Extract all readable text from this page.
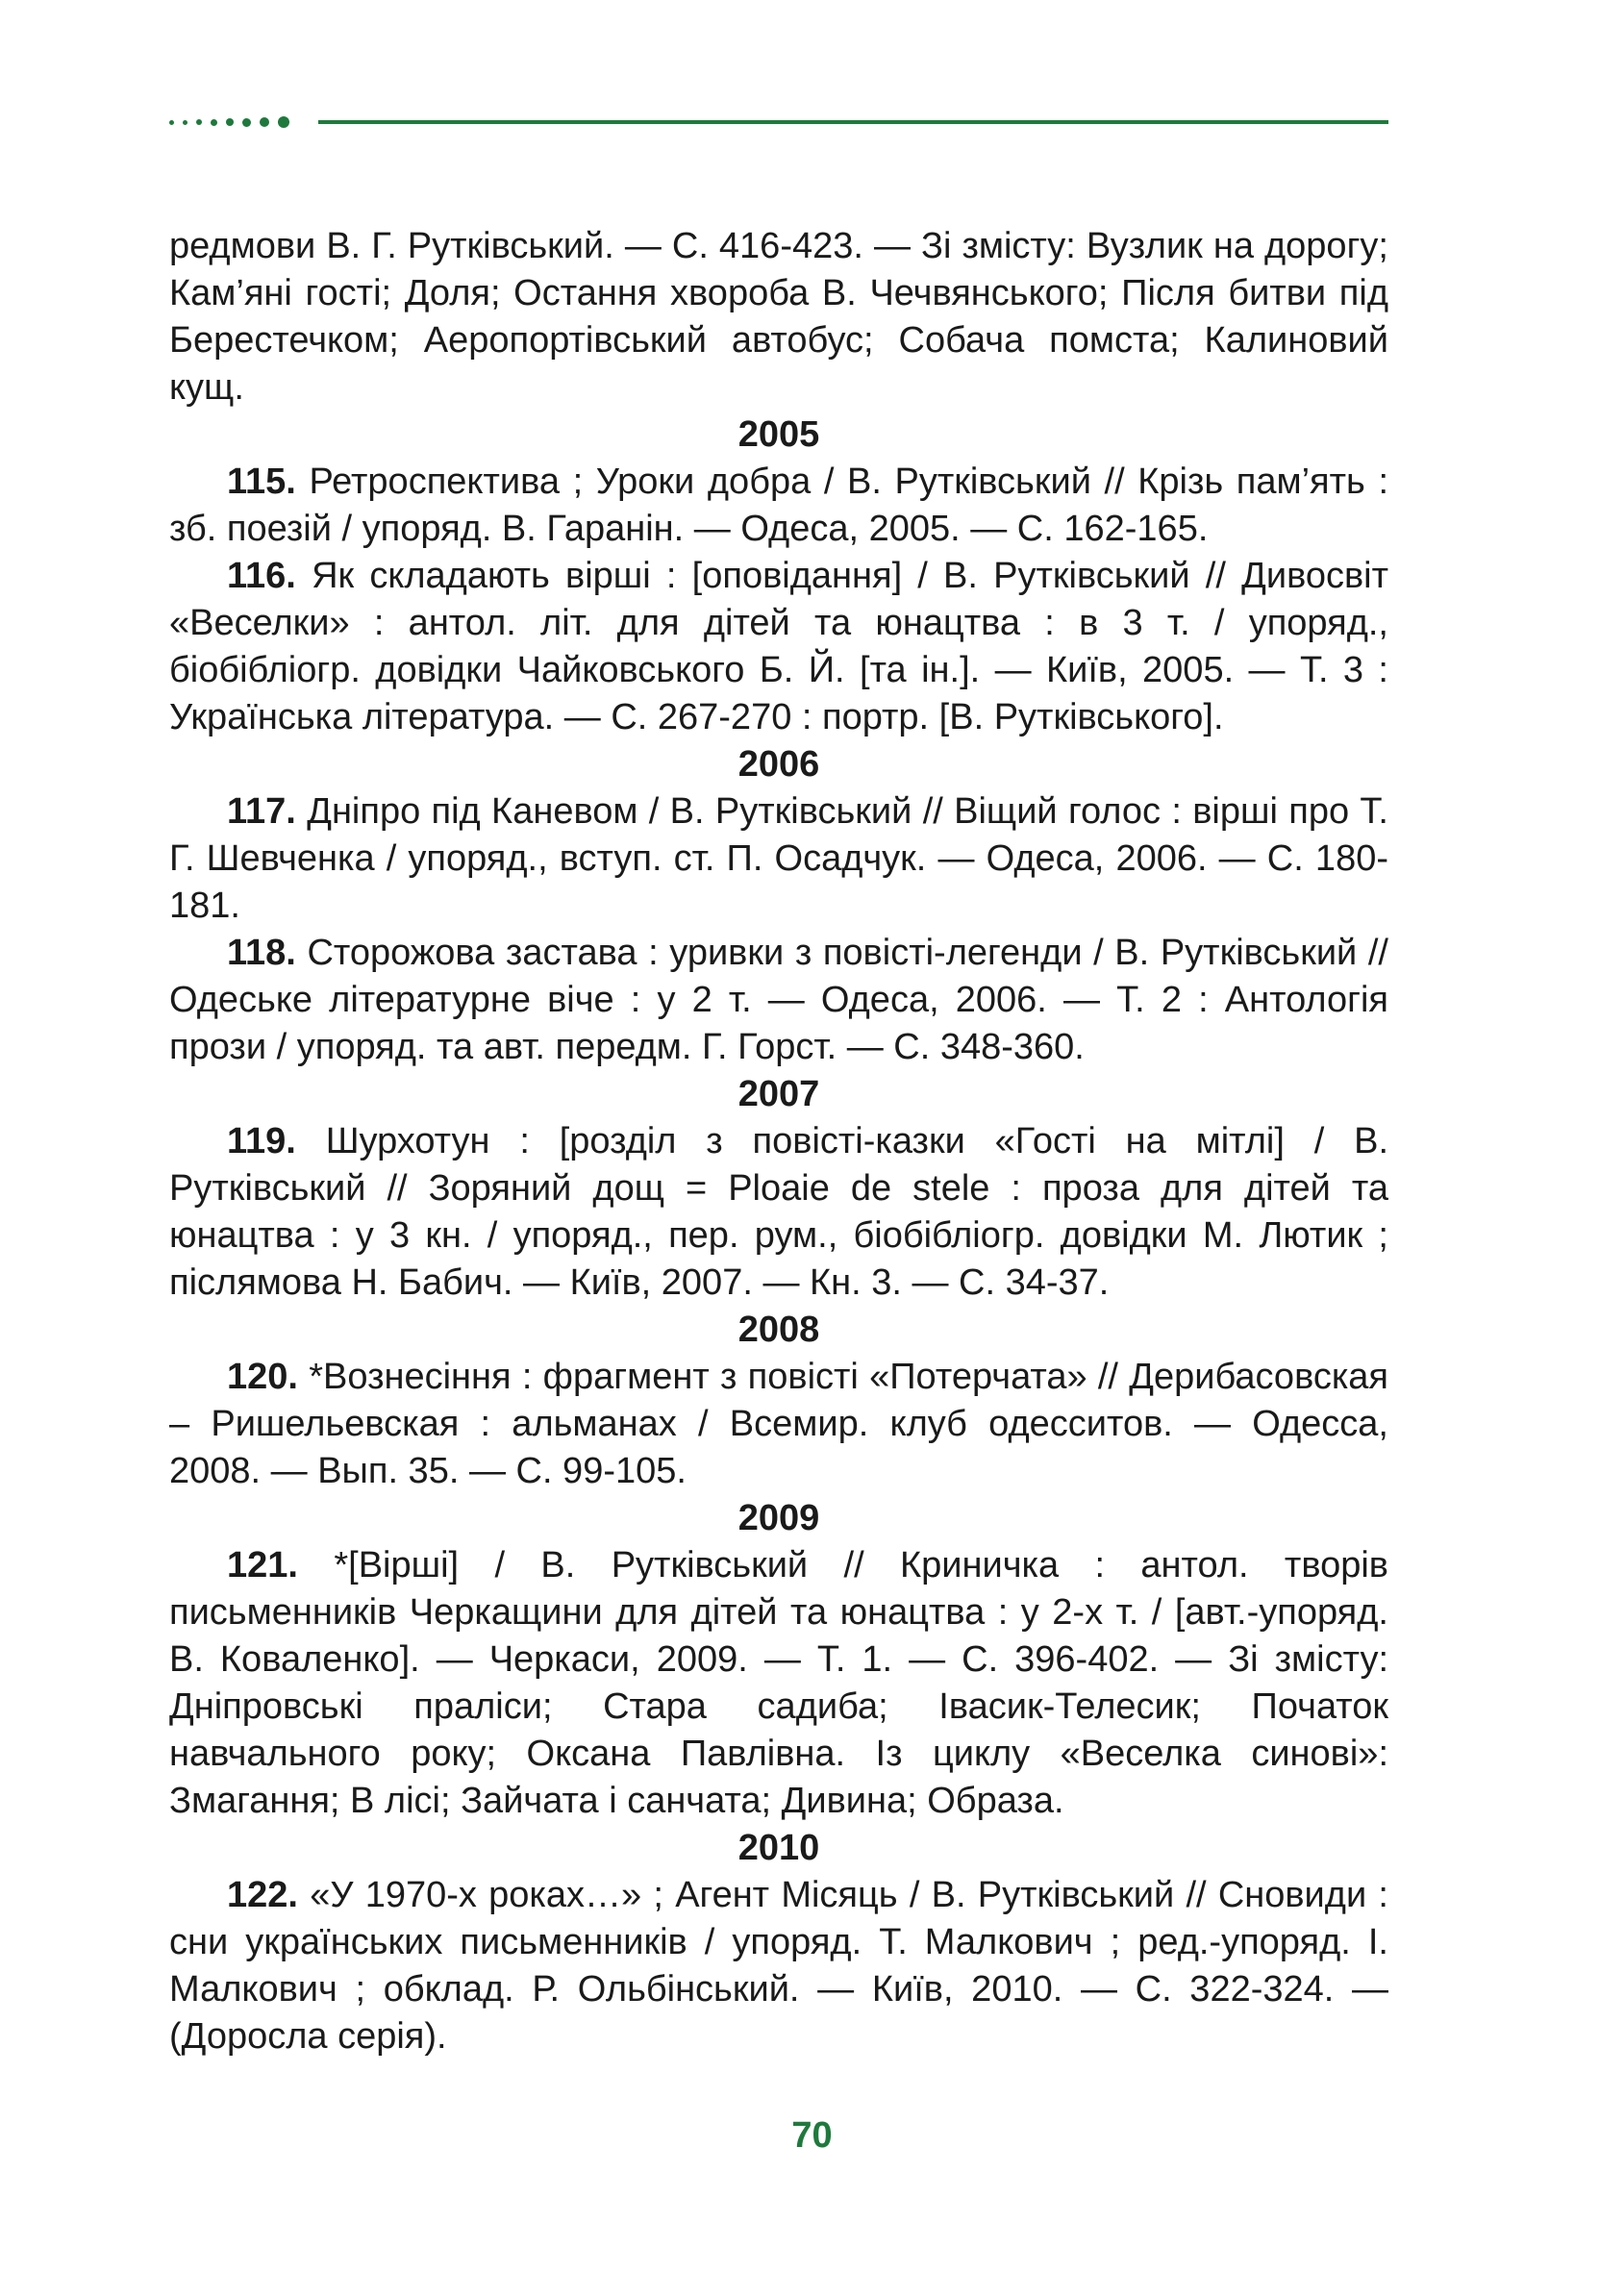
редмови В. Г. Рутківський. — С. 416-423. — Зі змісту: Вузлик на дорогу; Кам’яні гості; Доля; Остання хвороба В. Чечвянського; Після битви під Берестечком; Аеропортівський автобус; Собача помста; Калиновий кущ.

2005

115. Ретроспектива ; Уроки добра / В. Рутківський // Крізь пам’ять : зб. поезій / упоряд. В. Гаранін. — Одеса, 2005. — С. 162-165.

116. Як складають вірші : [оповідання] / В. Рутківський // Дивосвіт «Веселки» : антол. літ. для дітей та юнацтва : в 3 т. / упоряд., біобібліогр. довідки Чайковського Б. Й. [та ін.]. — Київ, 2005. — Т. 3 : Українська література. — С. 267-270 : портр. [В. Рутківського].

2006

117. Дніпро під Каневом / В. Рутківський // Віщий голос : вірші про Т. Г. Шевченка / упоряд., вступ. ст. П. Осадчук. — Одеса, 2006. — С. 180-181.

118. Сторожова застава : уривки з повісті-легенди / В. Рутківський // Одеське літературне віче : у 2 т. — Одеса, 2006. — Т. 2 : Антологія прози / упоряд. та авт. передм. Г. Горст. — С. 348-360.

2007

119. Шурхотун : [розділ з повісті-казки «Гості на мітлі] / В. Рутківський // Зоряний дощ = Ploaie de stele : проза для дітей та юнацтва : у 3 кн. / упоряд., пер. рум., біобібліогр. довідки М. Лютик ; післямова Н. Бабич. — Київ, 2007. — Кн. 3. — С. 34-37.

2008

120. *Вознесіння : фрагмент з повісті «Потерчата» // Дерибасовская – Ришельевская : альманах / Всемир. клуб одесситов. — Одесса, 2008. — Вып. 35. — С. 99-105.

2009

121. *[Вірші] / В. Рутківський // Криничка : антол. творів письменників Черкащини для дітей та юнацтва : у 2-х т. / [авт.-упоряд. В. Коваленко]. — Черкаси, 2009. — Т. 1. — С. 396-402. — Зі змісту: Дніпровські праліси; Стара садиба; Івасик-Телесик; Початок навчального року; Оксана Павлівна. Із циклу «Веселка синові»: Змагання; В лісі; Зайчата і санчата; Дивина; Образа.

2010

122. «У 1970-х роках…» ; Агент Місяць / В. Рутківський // Сновиди : сни українських письменників / упоряд. Т. Малкович ; ред.-упоряд. І. Малкович ; обклад. Р. Ольбінський. — Київ, 2010. — С. 322-324. — (Доросла серія).

70
